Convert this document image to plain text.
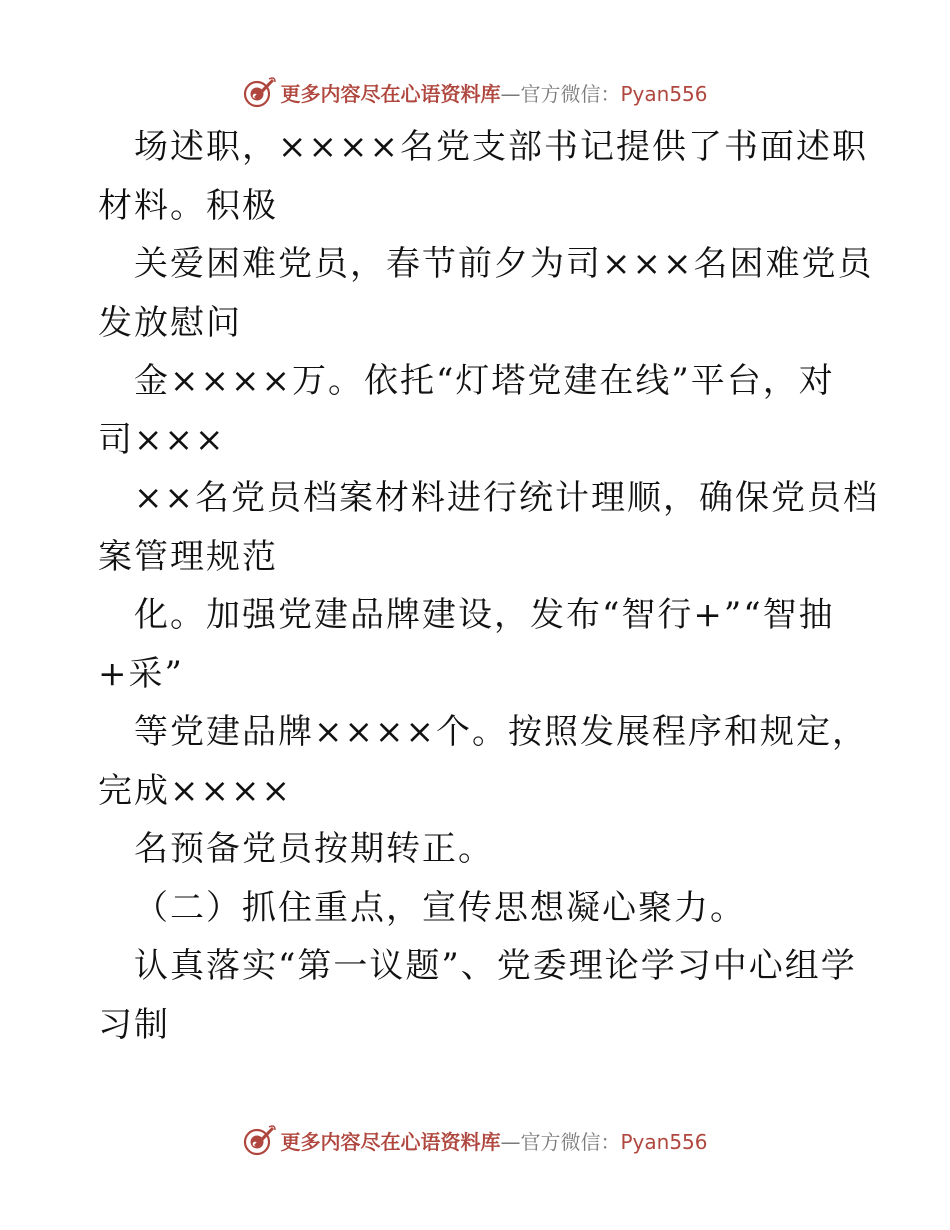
更多内容尽在心语资料库—官方微信：Pyan556
场述职，××××名党支部书记提供了书面述职
材料。积极
关爱困难党员，春节前夕为司×××名困难党员
发放慰问
金××××万。依托“灯塔党建在线”平台，对
司×××
××名党员档案材料进行统计理顺，确保党员档
案管理规范
化。加强党建品牌建设，发布“智行+”“智抽
+采”
等党建品牌××××个。按照发展程序和规定，
完成××××
名预备党员按期转正。
（二）抓住重点，宣传思想凝心聚力。
认真落实“第一议题”、党委理论学习中心组学
习制
更多内容尽在心语资料库—官方微信：Pyan556
